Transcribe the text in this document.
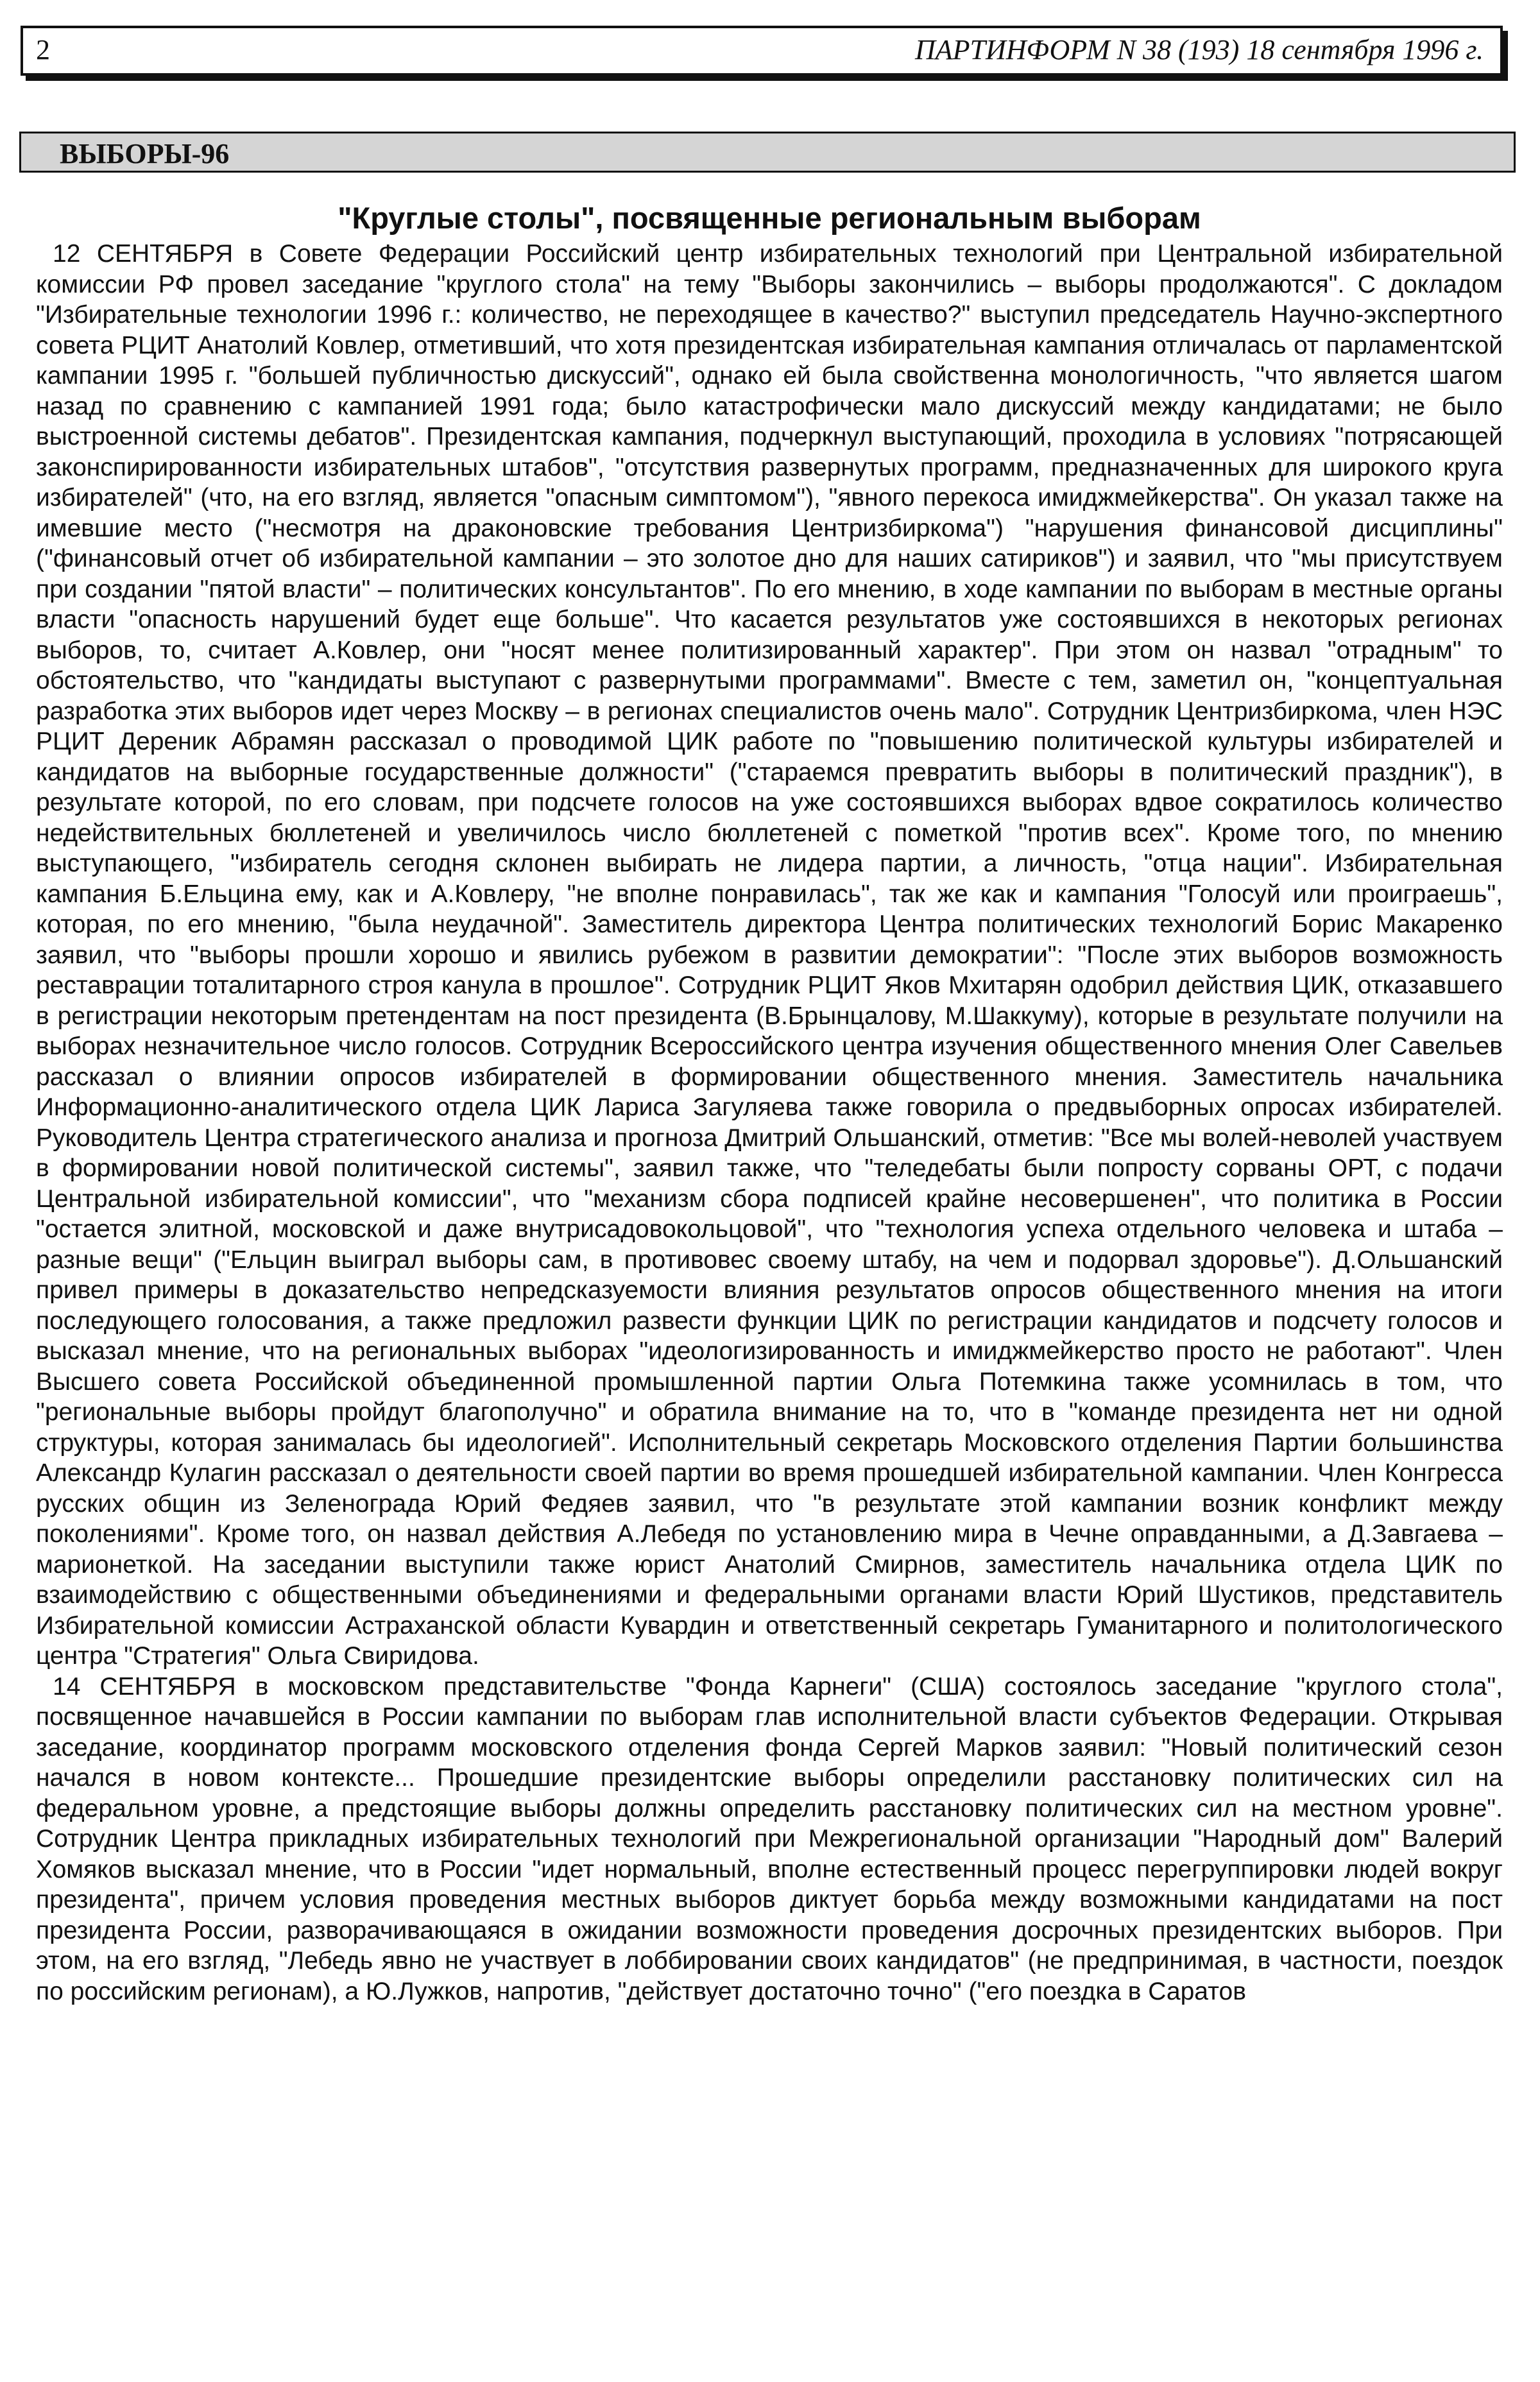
2	ПАРТИНФОРМ N 38 (193) 18 сентября 1996 г.
ВЫБОРЫ-96
"Круглые столы", посвященные региональным выборам

12 СЕНТЯБРЯ в Совете Федерации Российский центр избирательных технологий при Центральной избирательной комиссии РФ провел заседание "круглого стола" на тему "Выборы закончились – выборы продолжаются". С докладом "Избирательные технологии 1996 г.: количество, не переходящее в качество?" выступил председатель Научно-экспертного совета РЦИТ Анатолий Ковлер, отметивший, что хотя президентская избирательная кампания отличалась от парламентской кампании 1995 г. "большей публичностью дискуссий", однако ей была свойственна монологичность, "что является шагом назад по сравнению с кампанией 1991 года; было катастрофически мало дискуссий между кандидатами; не было выстроенной системы дебатов". Президентская кампания, подчеркнул выступающий, проходила в условиях "потрясающей законспирированности избирательных штабов", "отсутствия развернутых программ, предназначенных для широкого круга избирателей" (что, на его взгляд, является "опасным симптомом"), "явного перекоса имиджмейкерства". Он указал также на имевшие место ("несмотря на драконовские требования Центризбиркома") "нарушения финансовой дисциплины" ("финансовый отчет об избирательной кампании – это золотое дно для наших сатириков") и заявил, что "мы присутствуем при создании "пятой власти" – политических консультантов". По его мнению, в ходе кампании по выборам в местные органы власти "опасность нарушений будет еще больше". Что касается результатов уже состоявшихся в некоторых регионах выборов, то, считает А.Ковлер, они "носят менее политизированный характер". При этом он назвал "отрадным" то обстоятельство, что "кандидаты выступают с развернутыми программами". Вместе с тем, заметил он, "концептуальная разработка этих выборов идет через Москву – в регионах специалистов очень мало". Сотрудник Центризбиркома, член НЭС РЦИТ Дереник Абрамян рассказал о проводимой ЦИК работе по "повышению политической культуры избирателей и кандидатов на выборные государственные должности" ("стараемся превратить выборы в политический праздник"), в результате которой, по его словам, при подсчете голосов на уже состоявшихся выборах вдвое сократилось количество недействительных бюллетеней и увеличилось число бюллетеней с пометкой "против всех". Кроме того, по мнению выступающего, "избиратель сегодня склонен выбирать не лидера партии, а личность, "отца нации". Избирательная кампания Б.Ельцина ему, как и А.Ковлеру, "не вполне понравилась", так же как и кампания "Голосуй или проиграешь", которая, по его мнению, "была неудачной". Заместитель директора Центра политических технологий Борис Макаренко заявил, что "выборы прошли хорошо и явились рубежом в развитии демократии": "После этих выборов возможность реставрации тоталитарного строя канула в прошлое". Сотрудник РЦИТ Яков Мхитарян одобрил действия ЦИК, отказавшего в регистрации некоторым претендентам на пост президента (В.Брынцалову, М.Шаккуму), которые в результате получили на выборах незначительное число голосов. Сотрудник Всероссийского центра изучения общественного мнения Олег Савельев рассказал о влиянии опросов избирателей в формировании общественного мнения. Заместитель начальника Информационно-аналитического отдела ЦИК Лариса Загуляева также говорила о предвыборных опросах избирателей. Руководитель Центра стратегического анализа и прогноза Дмитрий Ольшанский, отметив: "Все мы волей-неволей участвуем в формировании новой политической системы", заявил также, что "теледебаты были попросту сорваны ОРТ, с подачи Центральной избирательной комиссии", что "механизм сбора подписей крайне несовершенен", что политика в России "остается элитной, московской и даже внутрисадовокольцовой", что "технология успеха отдельного человека и штаба – разные вещи" ("Ельцин выиграл выборы сам, в противовес своему штабу, на чем и подорвал здоровье"). Д.Ольшанский привел примеры в доказательство непредсказуемости влияния результатов опросов общественного мнения на итоги последующего голосования, а также предложил развести функции ЦИК по регистрации кандидатов и подсчету голосов и высказал мнение, что на региональных выборах "идеологизированность и имиджмейкерство просто не работают". Член Высшего совета Российской объединенной промышленной партии Ольга Потемкина также усомнилась в том, что "региональные выборы пройдут благополучно" и обратила внимание на то, что в "команде президента нет ни одной структуры, которая занималась бы идеологией". Исполнительный секретарь Московского отделения Партии большинства Александр Кулагин рассказал о деятельности своей партии во время прошедшей избирательной кампании. Член Конгресса русских общин из Зеленограда Юрий Федяев заявил, что "в результате этой кампании возник конфликт между поколениями". Кроме того, он назвал действия А.Лебедя по установлению мира в Чечне оправданными, а Д.Завгаева – марионеткой. На заседании выступили также юрист Анатолий Смирнов, заместитель начальника отдела ЦИК по взаимодействию с общественными объединениями и федеральными органами власти Юрий Шустиков, представитель Избирательной комиссии Астраханской области Кувардин и ответственный секретарь Гуманитарного и политологического центра "Стратегия" Ольга Свиридова.

14 СЕНТЯБРЯ в московском представительстве "Фонда Карнеги" (США) состоялось заседание "круглого стола", посвященное начавшейся в России кампании по выборам глав исполнительной власти субъектов Федерации. Открывая заседание, координатор программ московского отделения фонда Сергей Марков заявил: "Новый политический сезон начался в новом контексте... Прошедшие президентские выборы определили расстановку политических сил на федеральном уровне, а предстоящие выборы должны определить расстановку политических сил на местном уровне". Сотрудник Центра прикладных избирательных технологий при Межрегиональной организации "Народный дом" Валерий Хомяков высказал мнение, что в России "идет нормальный, вполне естественный процесс перегруппировки людей вокруг президента", причем условия проведения местных выборов диктует борьба между возможными кандидатами на пост президента России, разворачивающаяся в ожидании возможности проведения досрочных президентских выборов. При этом, на его взгляд, "Лебедь явно не участвует в лоббировании своих кандидатов" (не предпринимая, в частности, поездок по российским регионам), а Ю.Лужков, напротив, "действует достаточно точно" ("его поездка в Саратов
